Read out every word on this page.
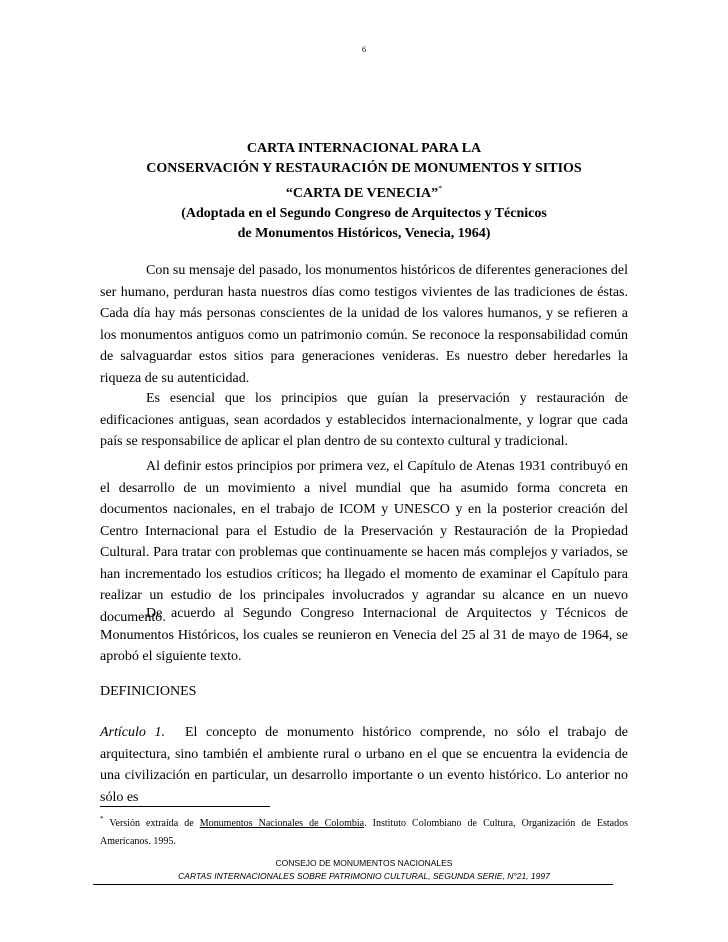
6
CARTA INTERNACIONAL PARA LA
CONSERVACIÓN Y RESTAURACIÓN DE MONUMENTOS Y SITIOS
“CARTA DE VENECIA”*
(Adoptada en el Segundo Congreso de Arquitectos y Técnicos
de Monumentos Históricos, Venecia, 1964)

Con su mensaje del pasado, los monumentos históricos de diferentes generaciones del ser humano, perduran hasta nuestros días como testigos vivientes de las tradiciones de éstas. Cada día hay más personas conscientes de la unidad de los valores humanos, y se refieren a los monumentos antiguos como un patrimonio común. Se reconoce la responsabilidad común de salvaguardar estos sitios para generaciones venideras. Es nuestro deber heredarles la riqueza de su autenticidad.

Es esencial que los principios que guían la preservación y restauración de edificaciones antiguas, sean acordados y establecidos internacionalmente, y lograr que cada país se responsabilice de aplicar el plan dentro de su contexto cultural y tradicional.

Al definir estos principios por primera vez, el Capítulo de Atenas 1931 contribuyó en el desarrollo de un movimiento a nivel mundial que ha asumido forma concreta en documentos nacionales, en el trabajo de ICOM y UNESCO y en la posterior creación del Centro Internacional para el Estudio de la Preservación y Restauración de la Propiedad Cultural. Para tratar con problemas que continuamente se hacen más complejos y variados, se han incrementado los estudios críticos; ha llegado el momento de examinar el Capítulo para realizar un estudio de los principales involucrados y agrandar su alcance en un nuevo documento.

De acuerdo al Segundo Congreso Internacional de Arquitectos y Técnicos de Monumentos Históricos, los cuales se reunieron en Venecia del 25 al 31 de mayo de 1964, se aprobó el siguiente texto.

DEFINICIONES

Artículo 1. El concepto de monumento histórico comprende, no sólo el trabajo de arquitectura, sino también el ambiente rural o urbano en el que se encuentra la evidencia de una civilización en particular, un desarrollo importante o un evento histórico. Lo anterior no sólo es

* Versión extraída de Monumentos Nacionales de Colombia. Instituto Colombiano de Cultura, Organización de Estados Americanos. 1995.
CONSEJO DE MONUMENTOS NACIONALES
CARTAS INTERNACIONALES SOBRE PATRIMONIO CULTURAL, SEGUNDA SERIE, N°21, 1997
